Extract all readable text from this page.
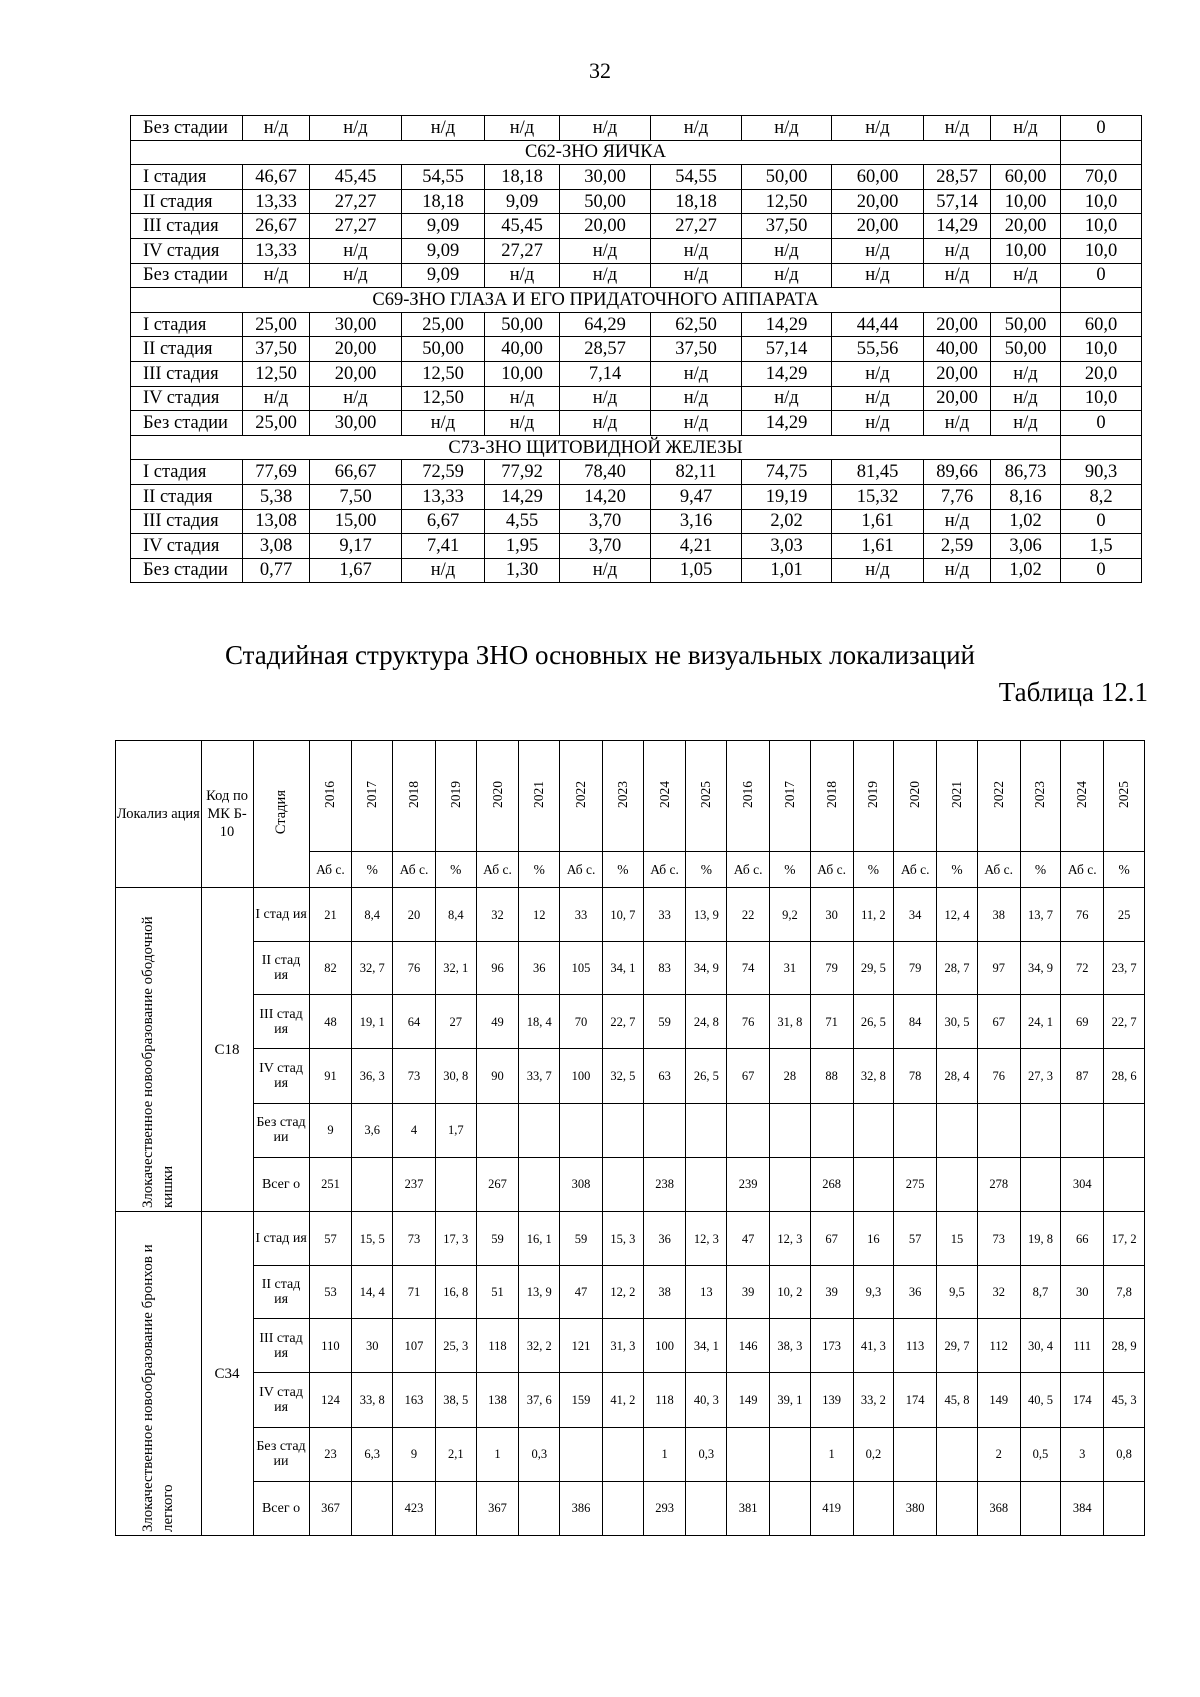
32
Без стадии	н/д	н/д	н/д	н/д	н/д	н/д	н/д	н/д	н/д	н/д	0
С62-ЗНО ЯИЧКА											
I стадия	46,67	45,45	54,55	18,18	30,00	54,55	50,00	60,00	28,57	60,00	70,0
II стадия	13,33	27,27	18,18	9,09	50,00	18,18	12,50	20,00	57,14	10,00	10,0
III стадия	26,67	27,27	9,09	45,45	20,00	27,27	37,50	20,00	14,29	20,00	10,0
IV стадия	13,33	н/д	9,09	27,27	н/д	н/д	н/д	н/д	н/д	10,00	10,0
Без стадии	н/д	н/д	9,09	н/д	н/д	н/д	н/д	н/д	н/д	н/д	0
С69-ЗНО ГЛАЗА И ЕГО ПРИДАТОЧНОГО АППАРАТА											
I стадия	25,00	30,00	25,00	50,00	64,29	62,50	14,29	44,44	20,00	50,00	60,0
II стадия	37,50	20,00	50,00	40,00	28,57	37,50	57,14	55,56	40,00	50,00	10,0
III стадия	12,50	20,00	12,50	10,00	7,14	н/д	14,29	н/д	20,00	н/д	20,0
IV стадия	н/д	н/д	12,50	н/д	н/д	н/д	н/д	н/д	20,00	н/д	10,0
Без стадии	25,00	30,00	н/д	н/д	н/д	н/д	14,29	н/д	н/д	н/д	0
С73-ЗНО ЩИТОВИДНОЙ ЖЕЛЕЗЫ											
I стадия	77,69	66,67	72,59	77,92	78,40	82,11	74,75	81,45	89,66	86,73	90,3
II стадия	5,38	7,50	13,33	14,29	14,20	9,47	19,19	15,32	7,76	8,16	8,2
III стадия	13,08	15,00	6,67	4,55	3,70	3,16	2,02	1,61	н/д	1,02	0
IV стадия	3,08	9,17	7,41	1,95	3,70	4,21	3,03	1,61	2,59	3,06	1,5
Без стадии	0,77	1,67	н/д	1,30	н/д	1,05	1,01	н/д	н/д	1,02	0
Стадийная структура ЗНО основных не визуальных локализаций
Таблица 12.1
Локализ ация	Код по МК Б- 10	Стадия	2016	2017	2018	2019	2020	2021	2022	2023	2024	2025	2016	2017	2018	2019	2020	2021	2022	2023	2024	2025
			Аб с.	%	Аб с.	%	Аб с.	%	Аб с.	%	Аб с.	%	Аб с.	%	Аб с.	%	Аб с.	%	Аб с.	%	Аб с.	%
Злокачественное новообразование ободочной кишки	С18	I стад ия	21	8,4	20	8,4	32	12	33	10, 7	33	13, 9	22	9,2	30	11, 2	34	12, 4	38	13, 7	76	25
		II стад ия	82	32, 7	76	32, 1	96	36	105	34, 1	83	34, 9	74	31	79	29, 5	79	28, 7	97	34, 9	72	23, 7
		III стад ия	48	19, 1	64	27	49	18, 4	70	22, 7	59	24, 8	76	31, 8	71	26, 5	84	30, 5	67	24, 1	69	22, 7
		IV стад ия	91	36, 3	73	30, 8	90	33, 7	100	32, 5	63	26, 5	67	28	88	32, 8	78	28, 4	76	27, 3	87	28, 6
		Без стад ии	9	3,6	4	1,7																
		Всег о	251		237		267		308		238		239		268		275		278		304	
Злокачественное новообразование бронхов и легкого	С34	I стад ия	57	15, 5	73	17, 3	59	16, 1	59	15, 3	36	12, 3	47	12, 3	67	16	57	15	73	19, 8	66	17, 2
		II стад ия	53	14, 4	71	16, 8	51	13, 9	47	12, 2	38	13	39	10, 2	39	9,3	36	9,5	32	8,7	30	7,8
		III стад ия	110	30	107	25, 3	118	32, 2	121	31, 3	100	34, 1	146	38, 3	173	41, 3	113	29, 7	112	30, 4	111	28, 9
		IV стад ия	124	33, 8	163	38, 5	138	37, 6	159	41, 2	118	40, 3	149	39, 1	139	33, 2	174	45, 8	149	40, 5	174	45, 3
		Без стад ии	23	6,3	9	2,1	1	0,3			1	0,3			1	0,2			2	0,5	3	0,8
		Всег о	367		423		367		386		293		381		419		380		368		384	
